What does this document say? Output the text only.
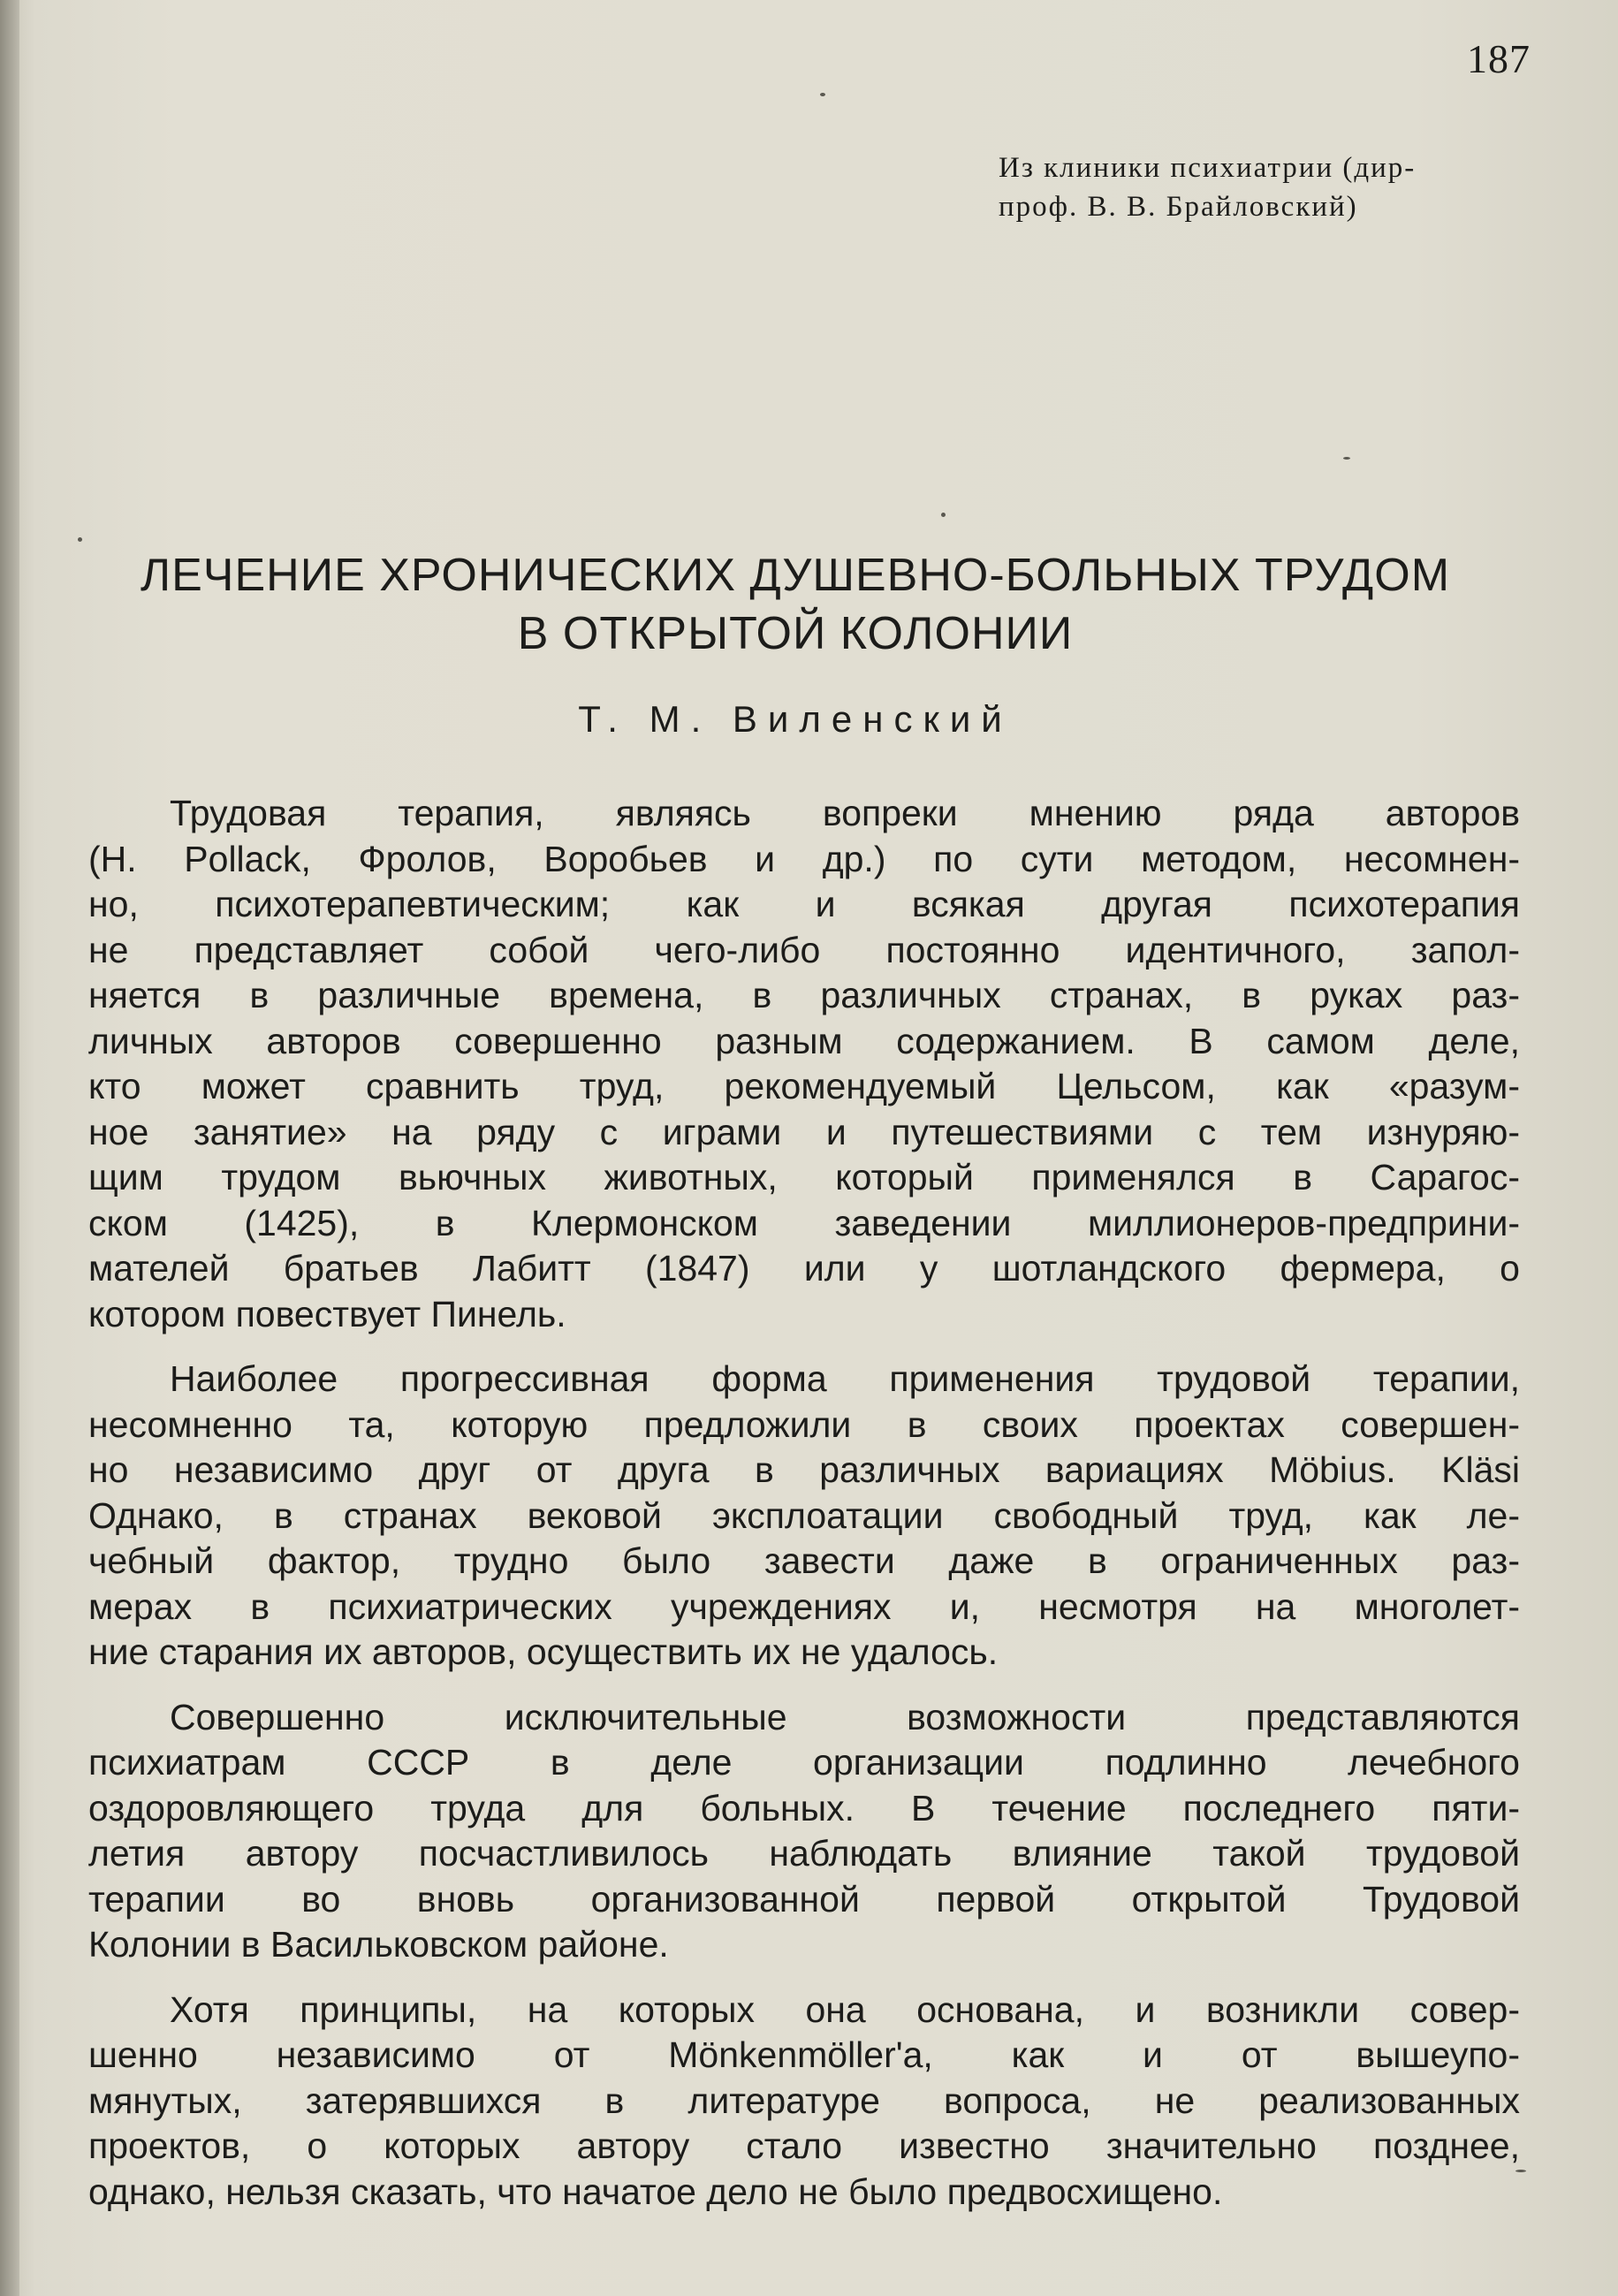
187
Из клиники психиатрии (дир-
проф. В. В. Брайловский)
ЛЕЧЕНИЕ ХРОНИЧЕСКИХ ДУШЕВНО-БОЛЬНЫХ ТРУДОМ
В ОТКРЫТОЙ КОЛОНИИ
Т. М. Виленский
Трудовая терапия, являясь вопреки мнению ряда авторов
(H. Pollack, Фролов, Воробьев и др.) по сути методом, несомнен-
но, психотерапевтическим; как и всякая другая психотерапия
не представляет собой чего-либо постоянно идентичного, запол-
няется в различные времена, в различных странах, в руках раз-
личных авторов совершенно разным содержанием. В самом деле,
кто может сравнить труд, рекомендуемый Цельсом, как «разум-
ное занятие» на ряду с играми и путешествиями с тем изнуряю-
щим трудом вьючных животных, который применялся в Сарагос-
ском (1425), в Клермонском заведении миллионеров-предприни-
мателей братьев Лабитт (1847) или у шотландского фермера, о
котором повествует Пинель.
Наиболее прогрессивная форма применения трудовой терапии,
несомненно та, которую предложили в своих проектах совершен-
но независимо друг от друга в различных вариациях Möbius. Kläsi
Однако, в странах вековой эксплоатации свободный труд, как ле-
чебный фактор, трудно было завести даже в ограниченных раз-
мерах в психиатрических учреждениях и, несмотря на многолет-
ние старания их авторов, осуществить их не удалось.
Совершенно исключительные возможности представляются
психиатрам СССР в деле организации подлинно лечебного
оздоровляющего труда для больных. В течение последнего пяти-
летия автору посчастливилось наблюдать влияние такой трудовой
терапии во вновь организованной первой открытой Трудовой
Колонии в Васильковском районе.
Хотя принципы, на которых она основана, и возникли совер-
шенно независимо от Mönkenmöller'а, как и от вышеупо-
мянутых, затерявшихся в литературе вопроса, не реализованных
проектов, о которых автору стало известно значительно позднее,
однако, нельзя сказать, что начатое дело не было предвосхищено.
